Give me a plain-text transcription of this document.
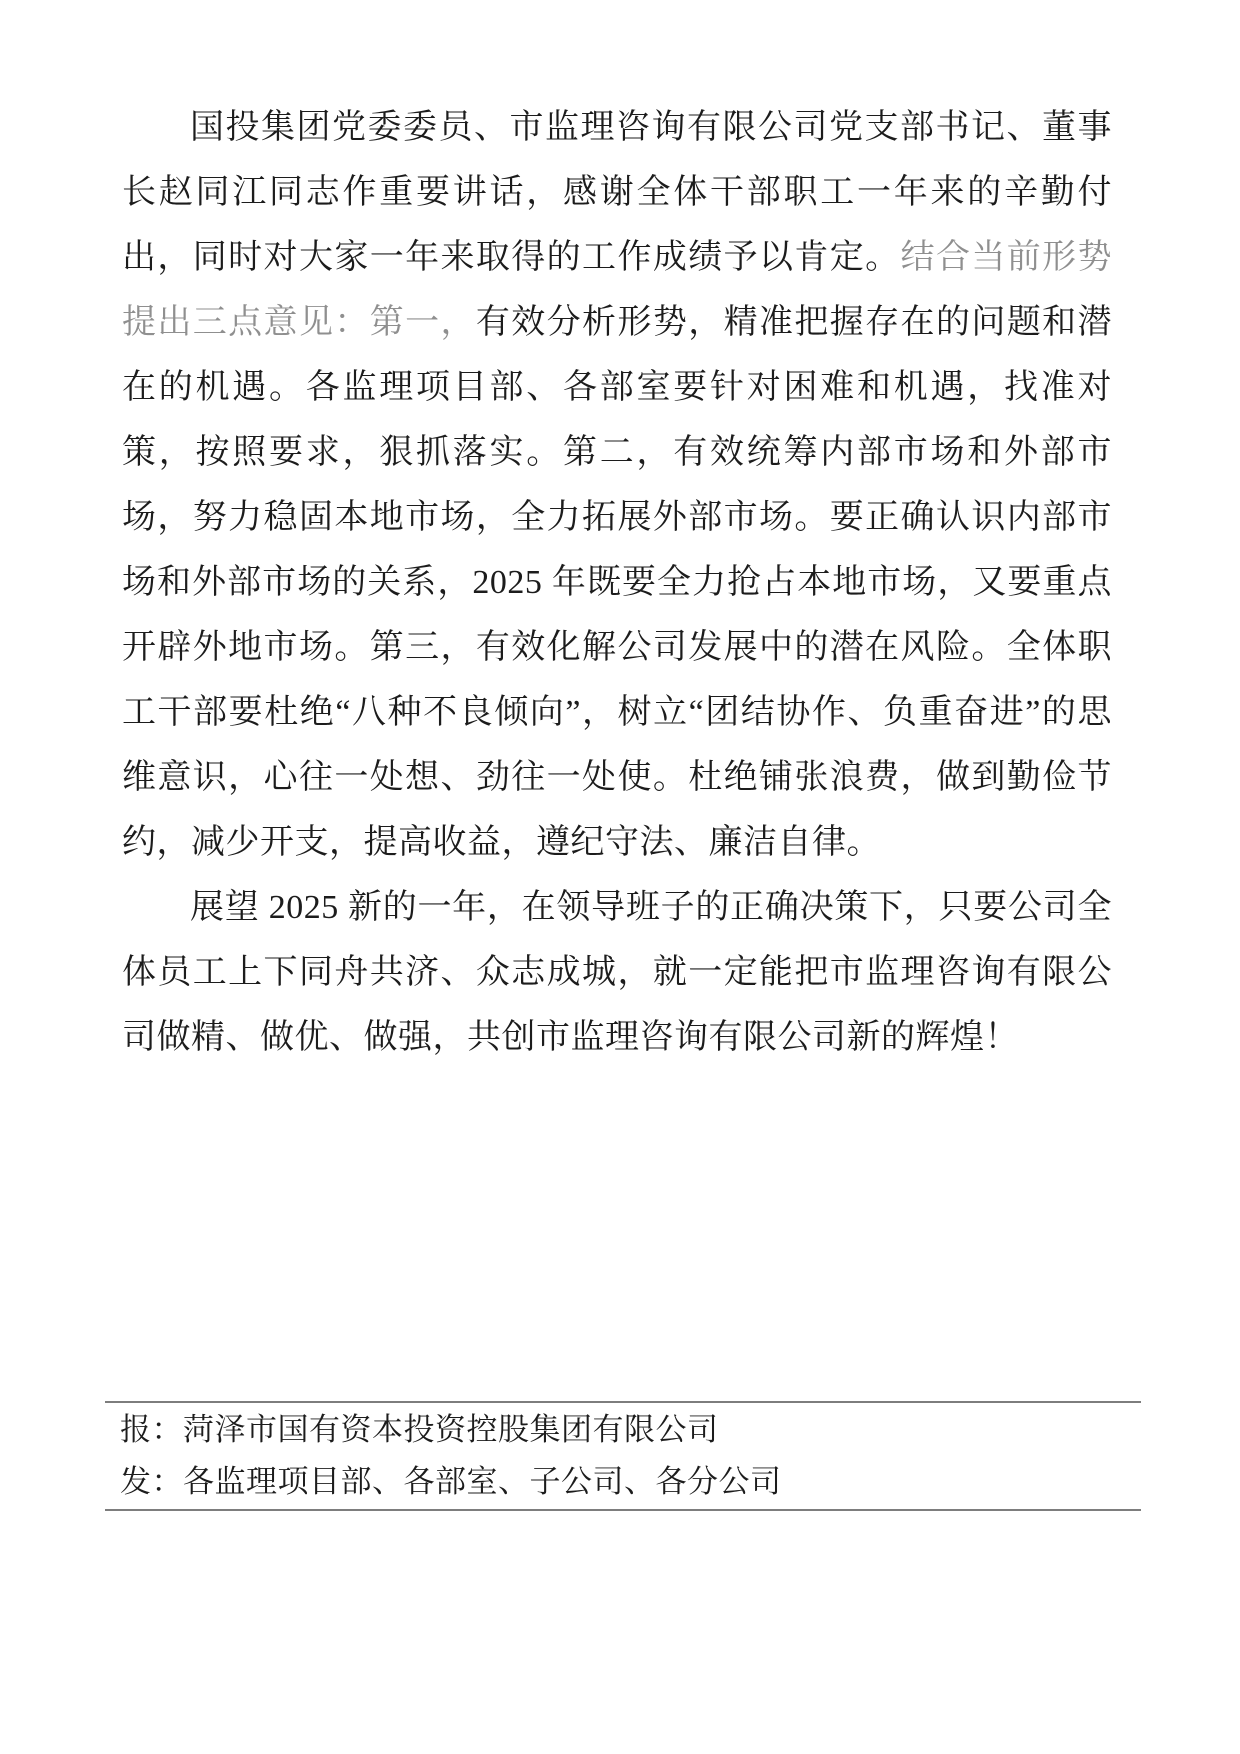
国投集团党委委员、市监理咨询有限公司党支部书记、董事长赵同江同志作重要讲话，感谢全体干部职工一年来的辛勤付出，同时对大家一年来取得的工作成绩予以肯定。结合当前形势提出三点意见：第一，有效分析形势，精准把握存在的问题和潜在的机遇。各监理项目部、各部室要针对困难和机遇，找准对策，按照要求，狠抓落实。第二，有效统筹内部市场和外部市场，努力稳固本地市场，全力拓展外部市场。要正确认识内部市场和外部市场的关系，2025 年既要全力抢占本地市场，又要重点开辟外地市场。第三，有效化解公司发展中的潜在风险。全体职工干部要杜绝“八种不良倾向”，树立“团结协作、负重奋进”的思维意识，心往一处想、劲往一处使。杜绝铺张浪费，做到勤俭节约，减少开支，提高收益，遵纪守法、廉洁自律。

展望 2025 新的一年，在领导班子的正确决策下，只要公司全体员工上下同舟共济、众志成城，就一定能把市监理咨询有限公司做精、做优、做强，共创市监理咨询有限公司新的辉煌！

报：菏泽市国有资本投资控股集团有限公司
发：各监理项目部、各部室、子公司、各分公司
